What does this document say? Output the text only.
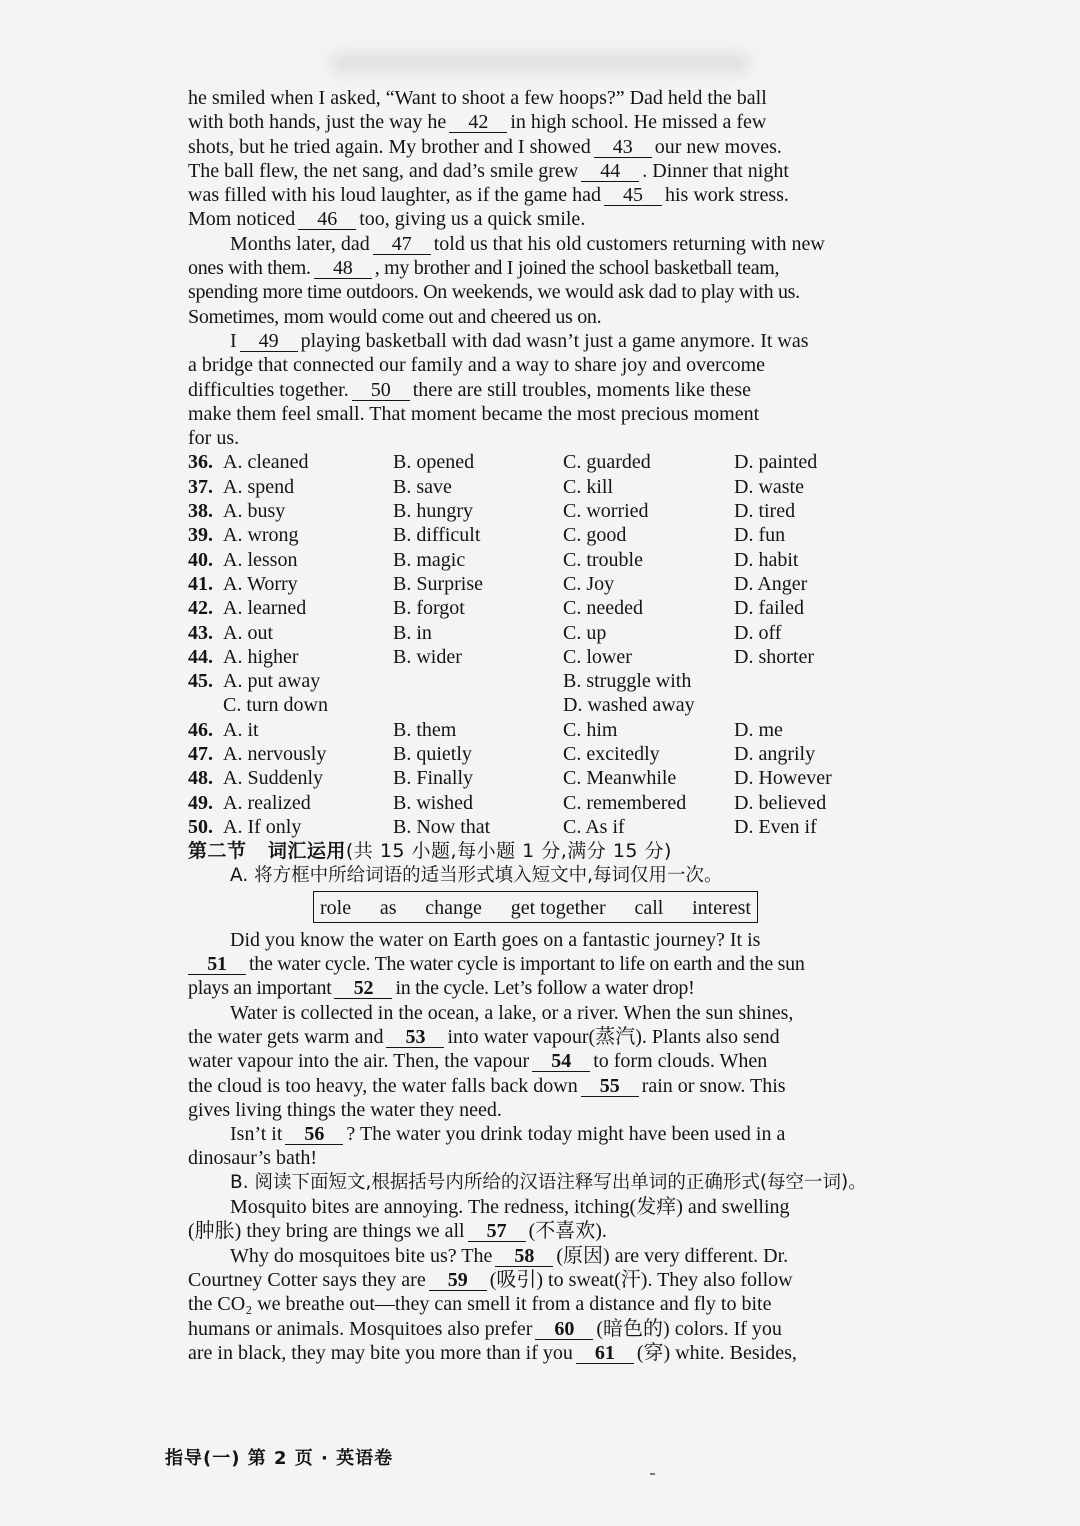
he smiled when I asked, “Want to shoot a few hoops?” Dad held the ball

with both hands, just the way he 42 in high school. He missed a few

shots, but he tried again. My brother and I showed 43 our new moves.

The ball flew, the net sang, and dad’s smile grew 44 . Dinner that night

was filled with his loud laughter, as if the game had 45 his work stress.

Mom noticed 46 too, giving us a quick smile.

Months later, dad 47 told us that his old customers returning with new

ones with them. 48 , my brother and I joined the school basketball team,

spending more time outdoors. On weekends, we would ask dad to play with us.

Sometimes, mom would come out and cheered us on.

I 49 playing basketball with dad wasn’t just a game anymore. It was

a bridge that connected our family and a way to share joy and overcome

difficulties together. 50 there are still troubles, moments like these

make them feel small. That moment became the most precious moment

for us.

36. A. cleaned	B. opened	C. guarded	D. painted
37. A. spend	B. save	C. kill	D. waste
38. A. busy	B. hungry	C. worried	D. tired
39. A. wrong	B. difficult	C. good	D. fun
40. A. lesson	B. magic	C. trouble	D. habit
41. A. Worry	B. Surprise	C. Joy	D. Anger
42. A. learned	B. forgot	C. needed	D. failed
43. A. out	B. in	C. up	D. off
44. A. higher	B. wider	C. lower	D. shorter
45. A. put away	B. struggle with
C. turn down	D. washed away
46. A. it	B. them	C. him	D. me
47. A. nervously	B. quietly	C. excitedly	D. angrily
48. A. Suddenly	B. Finally	C. Meanwhile	D. However
49. A. realized	B. wished	C. remembered D. believed
50. A. If only	B. Now that	C. As if	D. Even if
第二节 词汇运用(共 15 小题,每小题 1 分,满分 15 分)
A. 将方框中所给词语的适当形式填入短文中,每词仅用一次。
role as change get together call interest

Did you know the water on Earth goes on a fantastic journey? It is

51 the water cycle. The water cycle is important to life on earth and the sun

plays an important 52 in the cycle. Let’s follow a water drop!

Water is collected in the ocean, a lake, or a river. When the sun shines,

the water gets warm and 53 into water vapour(蒸汽). Plants also send

water vapour into the air. Then, the vapour 54 to form clouds. When

the cloud is too heavy, the water falls back down 55 rain or snow. This

gives living things the water they need.

Isn’t it 56 ? The water you drink today might have been used in a

dinosaur’s bath!

B. 阅读下面短文,根据括号内所给的汉语注释写出单词的正确形式(每空一词)。

Mosquito bites are annoying. The redness, itching(发痒) and swelling

(肿胀) they bring are things we all 57 (不喜欢).

Why do mosquitoes bite us? The 58 (原因) are very different. Dr.

Courtney Cotter says they are 59 (吸引) to sweat(汗). They also follow

the CO₂ we breathe out—they can smell it from a distance and fly to bite

humans or animals. Mosquitoes also prefer 60 (暗色的) colors. If you

are in black, they may bite you more than if you 61 (穿) white. Besides,

指导(一) 第 2 页 · 英语卷
